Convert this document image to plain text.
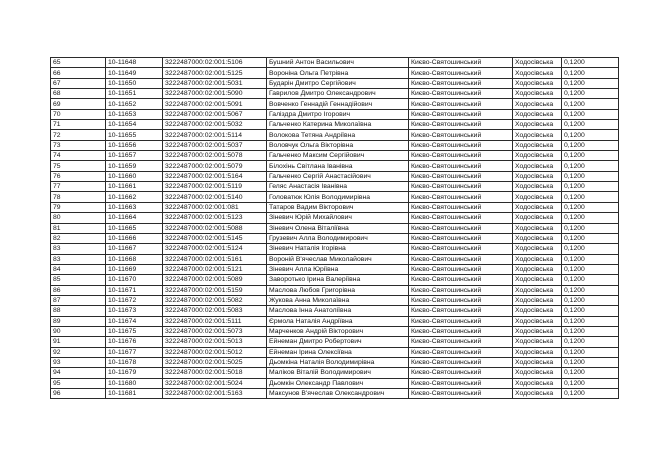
65	10-11648	3222487000:02:001:5106	Бушний Антон Васильович	Києво-Святошинський	Ходосівська	0,1200
66	10-11649	3222487000:02:001:5125	Вороніна Ольга Петрівна	Києво-Святошинський	Ходосівська	0,1200
67	10-11650	3222487000:02:001:5031	Бударін Дмитро Сергійович	Києво-Святошинський	Ходосівська	0,1200
68	10-11651	3222487000:02:001:5090	Гаврилов Дмитро Олександрович	Києво-Святошинський	Ходосівська	0,1200
69	10-11652	3222487000:02:001:5091	Вовченко Геннадій Геннадійович	Києво-Святошинський	Ходосівська	0,1200
70	10-11653	3222487000:02:001:5067	Галіздра Дмитро Ігорович	Києво-Святошинський	Ходосівська	0,1200
71	10-11654	3222487000:02:001:5032	Гальченко Катерина Миколаївна	Києво-Святошинський	Ходосівська	0,1200
72	10-11655	3222487000:02:001:5114	Волокова Тетяна Андріївна	Києво-Святошинський	Ходосівська	0,1200
73	10-11656	3222487000:02:001:5037	Воловчук Ольга Вікторівна	Києво-Святошинський	Ходосівська	0,1200
74	10-11657	3222487000:02:001:5078	Гальченко Максим Сергійович	Києво-Святошинський	Ходосівська	0,1200
75	10-11659	3222487000:02:001:5079	Білохінь Світлана Іванівна	Києво-Святошинський	Ходосівська	0,1200
76	10-11660	3222487000:02:001:5164	Гальченко Сергій Анастасійович	Києво-Святошинський	Ходосівська	0,1200
77	10-11661	3222487000:02:001:5119	Геляс Анастасія Іванівна	Києво-Святошинський	Ходосівська	0,1200
78	10-11662	3222487000:02:001:5140	Головатюк Юлія Володимирівна	Києво-Святошинський	Ходосівська	0,1200
79	10-11663	3222487000:02:001:081	Татаров Вадим Вікторович	Києво-Святошинський	Ходосівська	0,1200
80	10-11664	3222487000:02:001:5123	Зіневич Юрій Михайлович	Києво-Святошинський	Ходосівська	0,1200
81	10-11665	3222487000:02:001:5088	Зіневич Олена Віталіївна	Києво-Святошинський	Ходосівська	0,1200
82	10-11666	3222487000:02:001:5145	Грузевич Алла Володимирович	Києво-Святошинський	Ходосівська	0,1200
83	10-11667	3222487000:02:001:5124	Зіневич Наталія Ігорівна	Києво-Святошинський	Ходосівська	0,1200
83	10-11668	3222487000:02:001:5161	Вороній В'ячеслав Миколайович	Києво-Святошинський	Ходосівська	0,1200
84	10-11669	3222487000:02:001:5121	Зіневич Алла Юріївна	Києво-Святошинський	Ходосівська	0,1200
85	10-11670	3222487000:02:001:5089	Заворотько Ірина Валеріївна	Києво-Святошинський	Ходосівська	0,1200
86	10-11671	3222487000:02:001:5159	Маслова Любов Григорівна	Києво-Святошинський	Ходосівська	0,1200
87	10-11672	3222487000:02:001:5082	Жукова Анна Миколаївна	Києво-Святошинський	Ходосівська	0,1200
88	10-11673	3222487000:02:001:5083	Маслова Інна Анатоліївна	Києво-Святошинський	Ходосівська	0,1200
89	10-11674	3222487000:02:001:5111	Єрмола Наталія Андріївна	Києво-Святошинський	Ходосівська	0,1200
90	10-11675	3222487000:02:001:5073	Марченков Андрій Вікторович	Києво-Святошинський	Ходосівська	0,1200
91	10-11676	3222487000:02:001:5013	Ейнеман Дмитро Робертович	Києво-Святошинський	Ходосівська	0,1200
92	10-11677	3222487000:02:001:5012	Ейнеман Ірина Олексіївна	Києво-Святошинський	Ходосівська	0,1200
93	10-11678	3222487000:02:001:5025	Дьомкіна Наталія Володимирівна	Києво-Святошинський	Ходосівська	0,1200
94	10-11679	3222487000:02:001:5018	Маліков Віталій Володимирович	Києво-Святошинський	Ходосівська	0,1200
95	10-11680	3222487000:02:001:5024	Дьомкін Олександр Павлович	Києво-Святошинський	Ходосівська	0,1200
96	10-11681	3222487000:02:001:5163	Максунов В'ячеслав Олександрович	Києво-Святошинський	Ходосівська	0,1200
